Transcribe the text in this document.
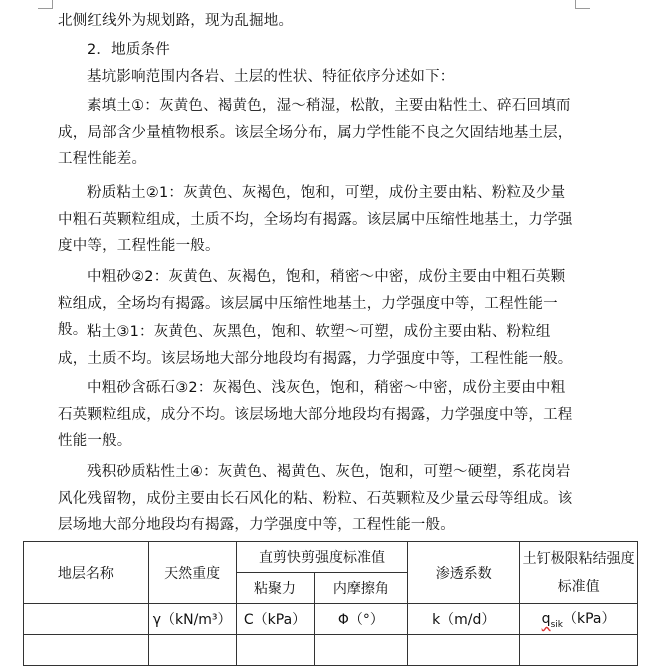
北侧红线外为规划路，现为乱掘地。

2．地质条件

基坑影响范围内各岩、土层的性状、特征依序分述如下：

素填土①：灰黄色、褐黄色，湿～稍湿，松散，主要由粘性土、碎石回填而成，局部含少量植物根系。该层全场分布，属力学性能不良之欠固结地基土层，工程性能差。

粉质粘土②1：灰黄色、灰褐色，饱和，可塑，成份主要由粘、粉粒及少量中粗石英颗粒组成，土质不均，全场均有揭露。该层属中压缩性地基土，力学强度中等，工程性能一般。

中粗砂②2：灰黄色、灰褐色，饱和，稍密～中密，成份主要由中粗石英颗粒组成，全场均有揭露。该层属中压缩性地基土，力学强度中等，工程性能一般。 粘土③1：灰黄色、灰黑色，饱和、软塑～可塑，成份主要由粘、粉粒组成，土质不均。该层场地大部分地段均有揭露，力学强度中等，工程性能一般。

中粗砂含砾石③2：灰褐色、浅灰色，饱和，稍密～中密，成份主要由中粗石英颗粒组成，成分不均。该层场地大部分地段均有揭露，力学强度中等，工程性能一般。

残积砂质粘性土④：灰黄色、褐黄色、灰色，饱和，可塑～硬塑，系花岗岩风化残留物，成份主要由长石风化的粘、粉粒、石英颗粒及少量云母等组成。该层场地大部分地段均有揭露，力学强度中等，工程性能一般。

地层名称	天然重度	直剪快剪强度标准值		渗透系数	土钉极限粘结强度标准值
		粘聚力	内摩擦角		
	γ（kN/m³）	C（kPa）	Φ（°）	k（m/d）	$q_{sik}(kPa)$
